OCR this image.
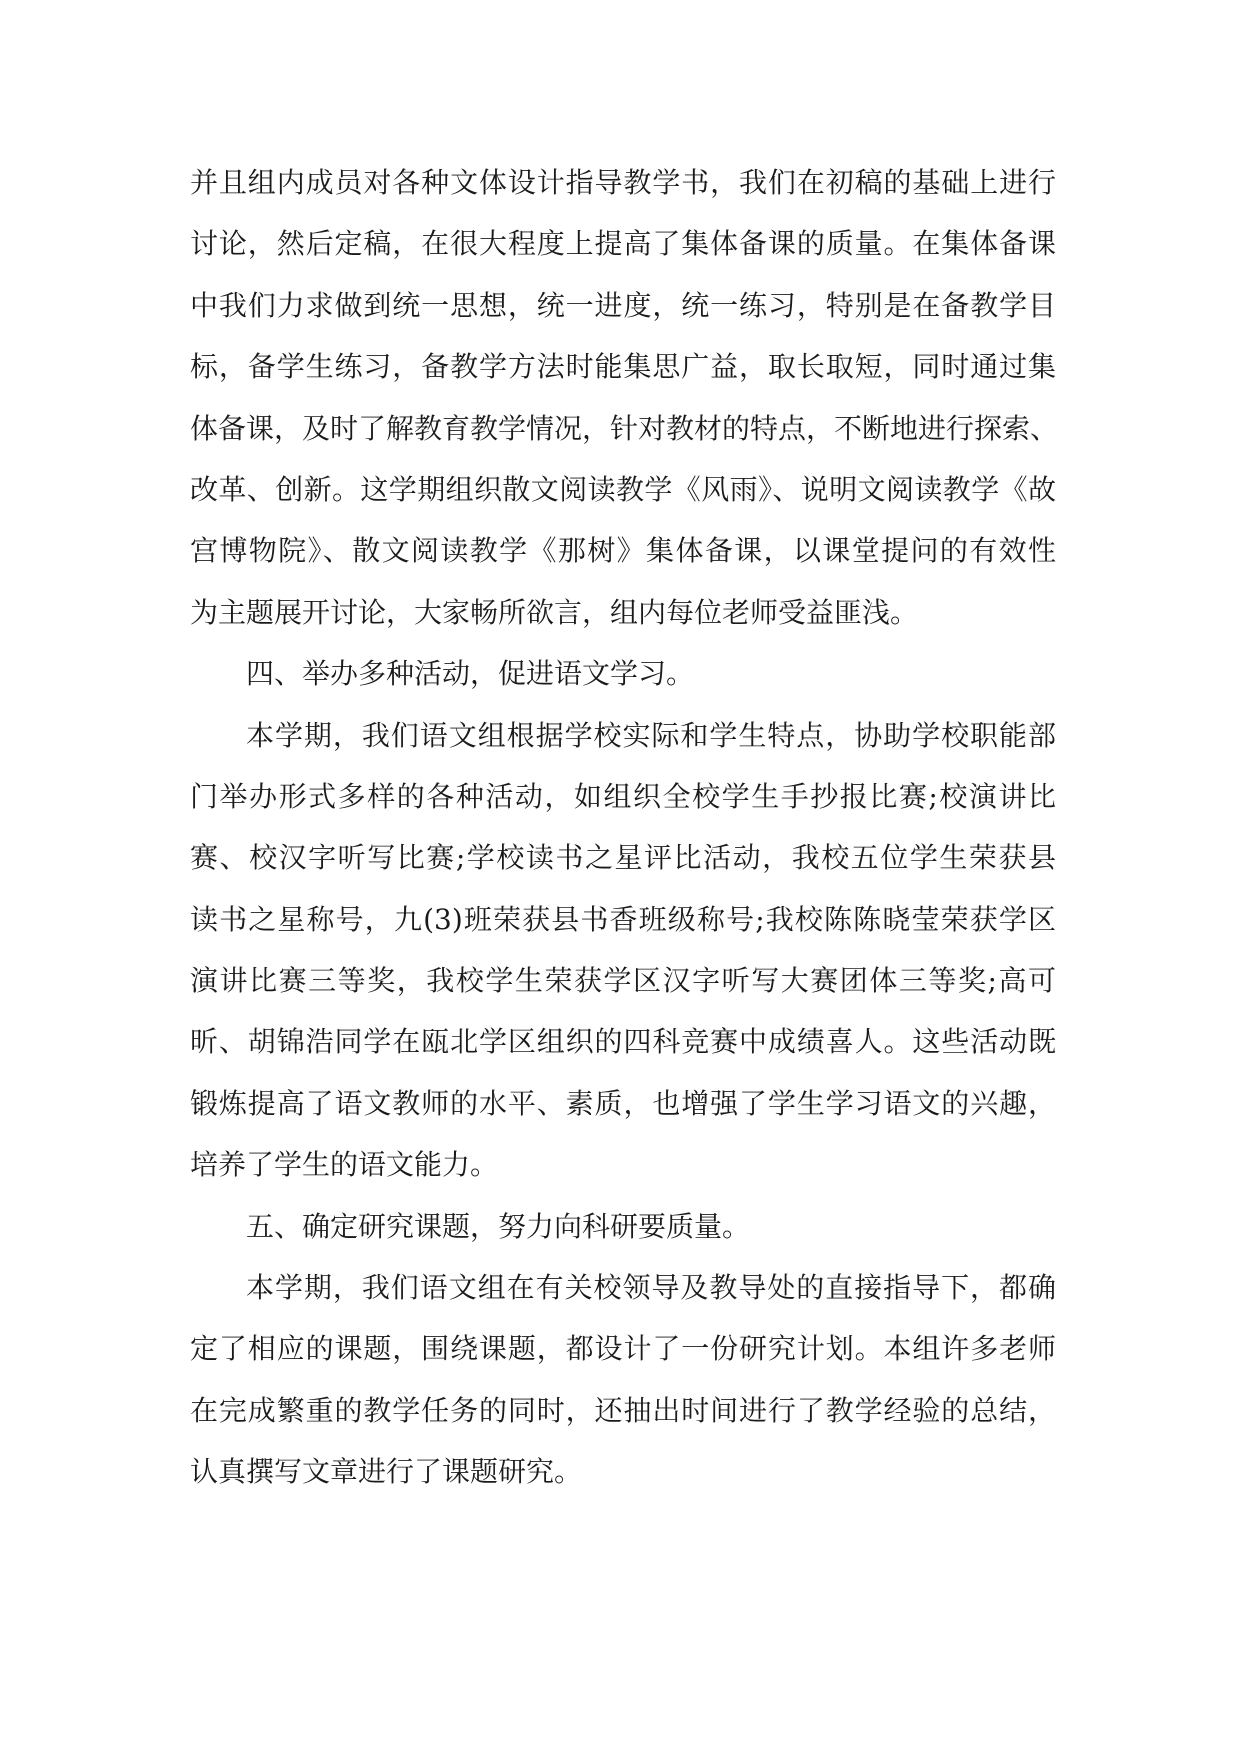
并且组内成员对各种文体设计指导教学书，我们在初稿的基础上进行
讨论，然后定稿，在很大程度上提高了集体备课的质量。在集体备课
中我们力求做到统一思想，统一进度，统一练习，特别是在备教学目
标，备学生练习，备教学方法时能集思广益，取长取短，同时通过集
体备课，及时了解教育教学情况，针对教材的特点，不断地进行探索、
改革、创新。这学期组织散文阅读教学《风雨》、说明文阅读教学《故
宫博物院》、散文阅读教学《那树》集体备课，以课堂提问的有效性
为主题展开讨论，大家畅所欲言，组内每位老师受益匪浅。
四、举办多种活动，促进语文学习。
本学期，我们语文组根据学校实际和学生特点，协助学校职能部
门举办形式多样的各种活动，如组织全校学生手抄报比赛;校演讲比
赛、校汉字听写比赛;学校读书之星评比活动，我校五位学生荣获县
读书之星称号，九(3)班荣获县书香班级称号;我校陈陈晓莹荣获学区
演讲比赛三等奖，我校学生荣获学区汉字听写大赛团体三等奖;高可
昕、胡锦浩同学在瓯北学区组织的四科竞赛中成绩喜人。这些活动既
锻炼提高了语文教师的水平、素质，也增强了学生学习语文的兴趣，
培养了学生的语文能力。
五、确定研究课题，努力向科研要质量。
本学期，我们语文组在有关校领导及教导处的直接指导下，都确
定了相应的课题，围绕课题，都设计了一份研究计划。本组许多老师
在完成繁重的教学任务的同时，还抽出时间进行了教学经验的总结，
认真撰写文章进行了课题研究。
